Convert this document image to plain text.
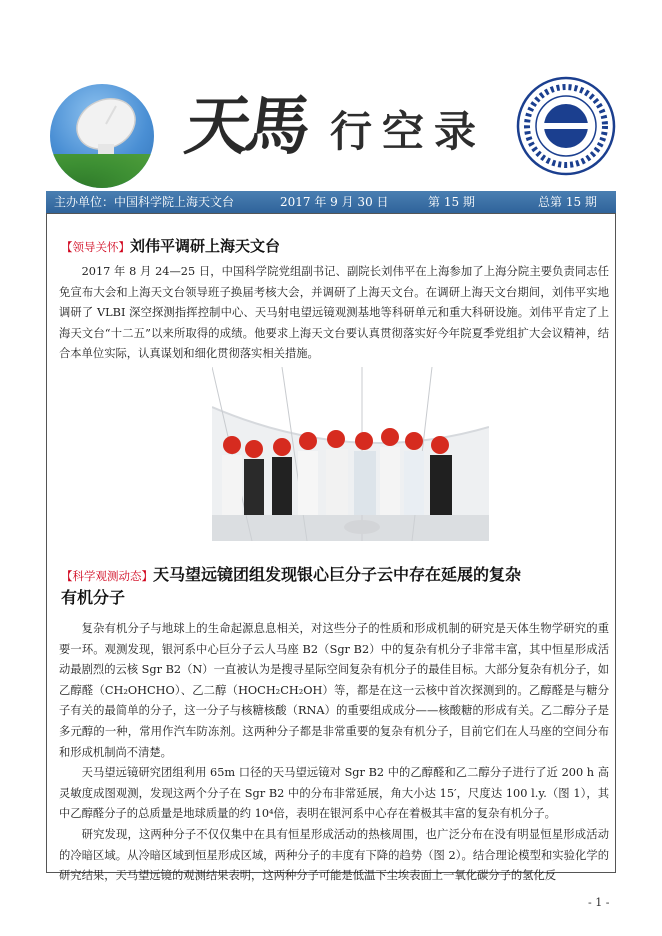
天馬 行空录
主办单位：中国科学院上海天文台	2017 年 9 月 30 日	第 15 期	总第 15 期
【领导关怀】刘伟平调研上海天文台

2017 年 8 月 24—25 日，中国科学院党组副书记、副院长刘伟平在上海参加了上海分院主要负责同志任免宣布大会和上海天文台领导班子换届考核大会，并调研了上海天文台。在调研上海天文台期间，刘伟平实地调研了 VLBI 深空探测指挥控制中心、天马射电望远镜观测基地等科研单元和重大科研设施。刘伟平肯定了上海天文台“十二五”以来所取得的成绩。他要求上海天文台要认真贯彻落实好今年院夏季党组扩大会议精神，结合本单位实际，认真谋划和细化贯彻落实相关措施。

【科学观测动态】天马望远镜团组发现银心巨分子云中存在延展的复杂
有机分子

复杂有机分子与地球上的生命起源息息相关，对这些分子的性质和形成机制的研究是天体生物学研究的重要一环。观测发现，银河系中心巨分子云人马座 B2（Sgr B2）中的复杂有机分子非常丰富，其中恒星形成活动最剧烈的云核 Sgr B2（N）一直被认为是搜寻星际空间复杂有机分子的最佳目标。大部分复杂有机分子，如乙醇醛（CH₂OHCHO）、乙二醇（HOCH₂CH₂OH）等，都是在这一云核中首次探测到的。乙醇醛是与糖分子有关的最简单的分子，这一分子与核糖核酸（RNA）的重要组成成分——核酸糖的形成有关。乙二醇分子是多元醇的一种，常用作汽车防冻剂。这两种分子都是非常重要的复杂有机分子，目前它们在人马座的空间分布和形成机制尚不清楚。

天马望远镜研究团组利用 65m 口径的天马望远镜对 Sgr B2 中的乙醇醛和乙二醇分子进行了近 200 h 高灵敏度成图观测，发现这两个分子在 Sgr B2 中的分布非常延展，角大小达 15′，尺度达 100 l.y.（图 1），其中乙醇醛分子的总质量是地球质量的约 10⁴倍，表明在银河系中心存在着极其丰富的复杂有机分子。

研究发现，这两种分子不仅仅集中在具有恒星形成活动的热核周围，也广泛分布在没有明显恒星形成活动的冷暗区域。从冷暗区域到恒星形成区域，两种分子的丰度有下降的趋势（图 2）。结合理论模型和实验化学的研究结果，天马望远镜的观测结果表明，这两种分子可能是低温下尘埃表面上一氧化碳分子的氢化反

- 1 -
